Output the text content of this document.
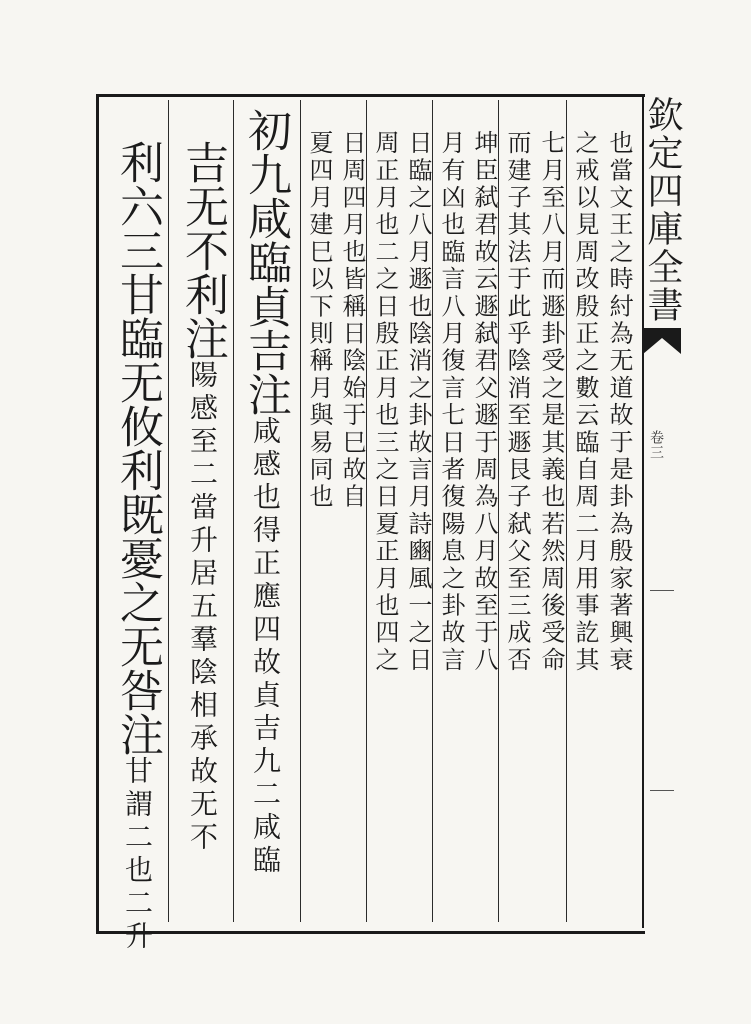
欽定四庫全書
卷三
也當文王之時紂為无道故于是卦為殷家著興衰
之戒以見周改殷正之數云臨自周二月用事訖其
七月至八月而遯卦受之是其義也若然周後受命
而建子其法于此乎陰消至遯艮子弑父至三成否
坤臣弑君故云遯弑君父遯于周為八月故至于八
月有凶也臨言八月復言七日者復陽息之卦故言
日臨之八月遯也陰消之卦故言月詩豳風一之日
周正月也二之日殷正月也三之日夏正月也四之
日周四月也皆稱日陰始于巳故自
夏四月建巳以下則稱月與易同也
初九咸臨貞吉注咸感也得正應四故貞吉九二咸臨
吉无不利注陽感至二當升居五羣陰相承故无不
利六三甘臨无攸利既憂之无咎注甘謂二也二升
